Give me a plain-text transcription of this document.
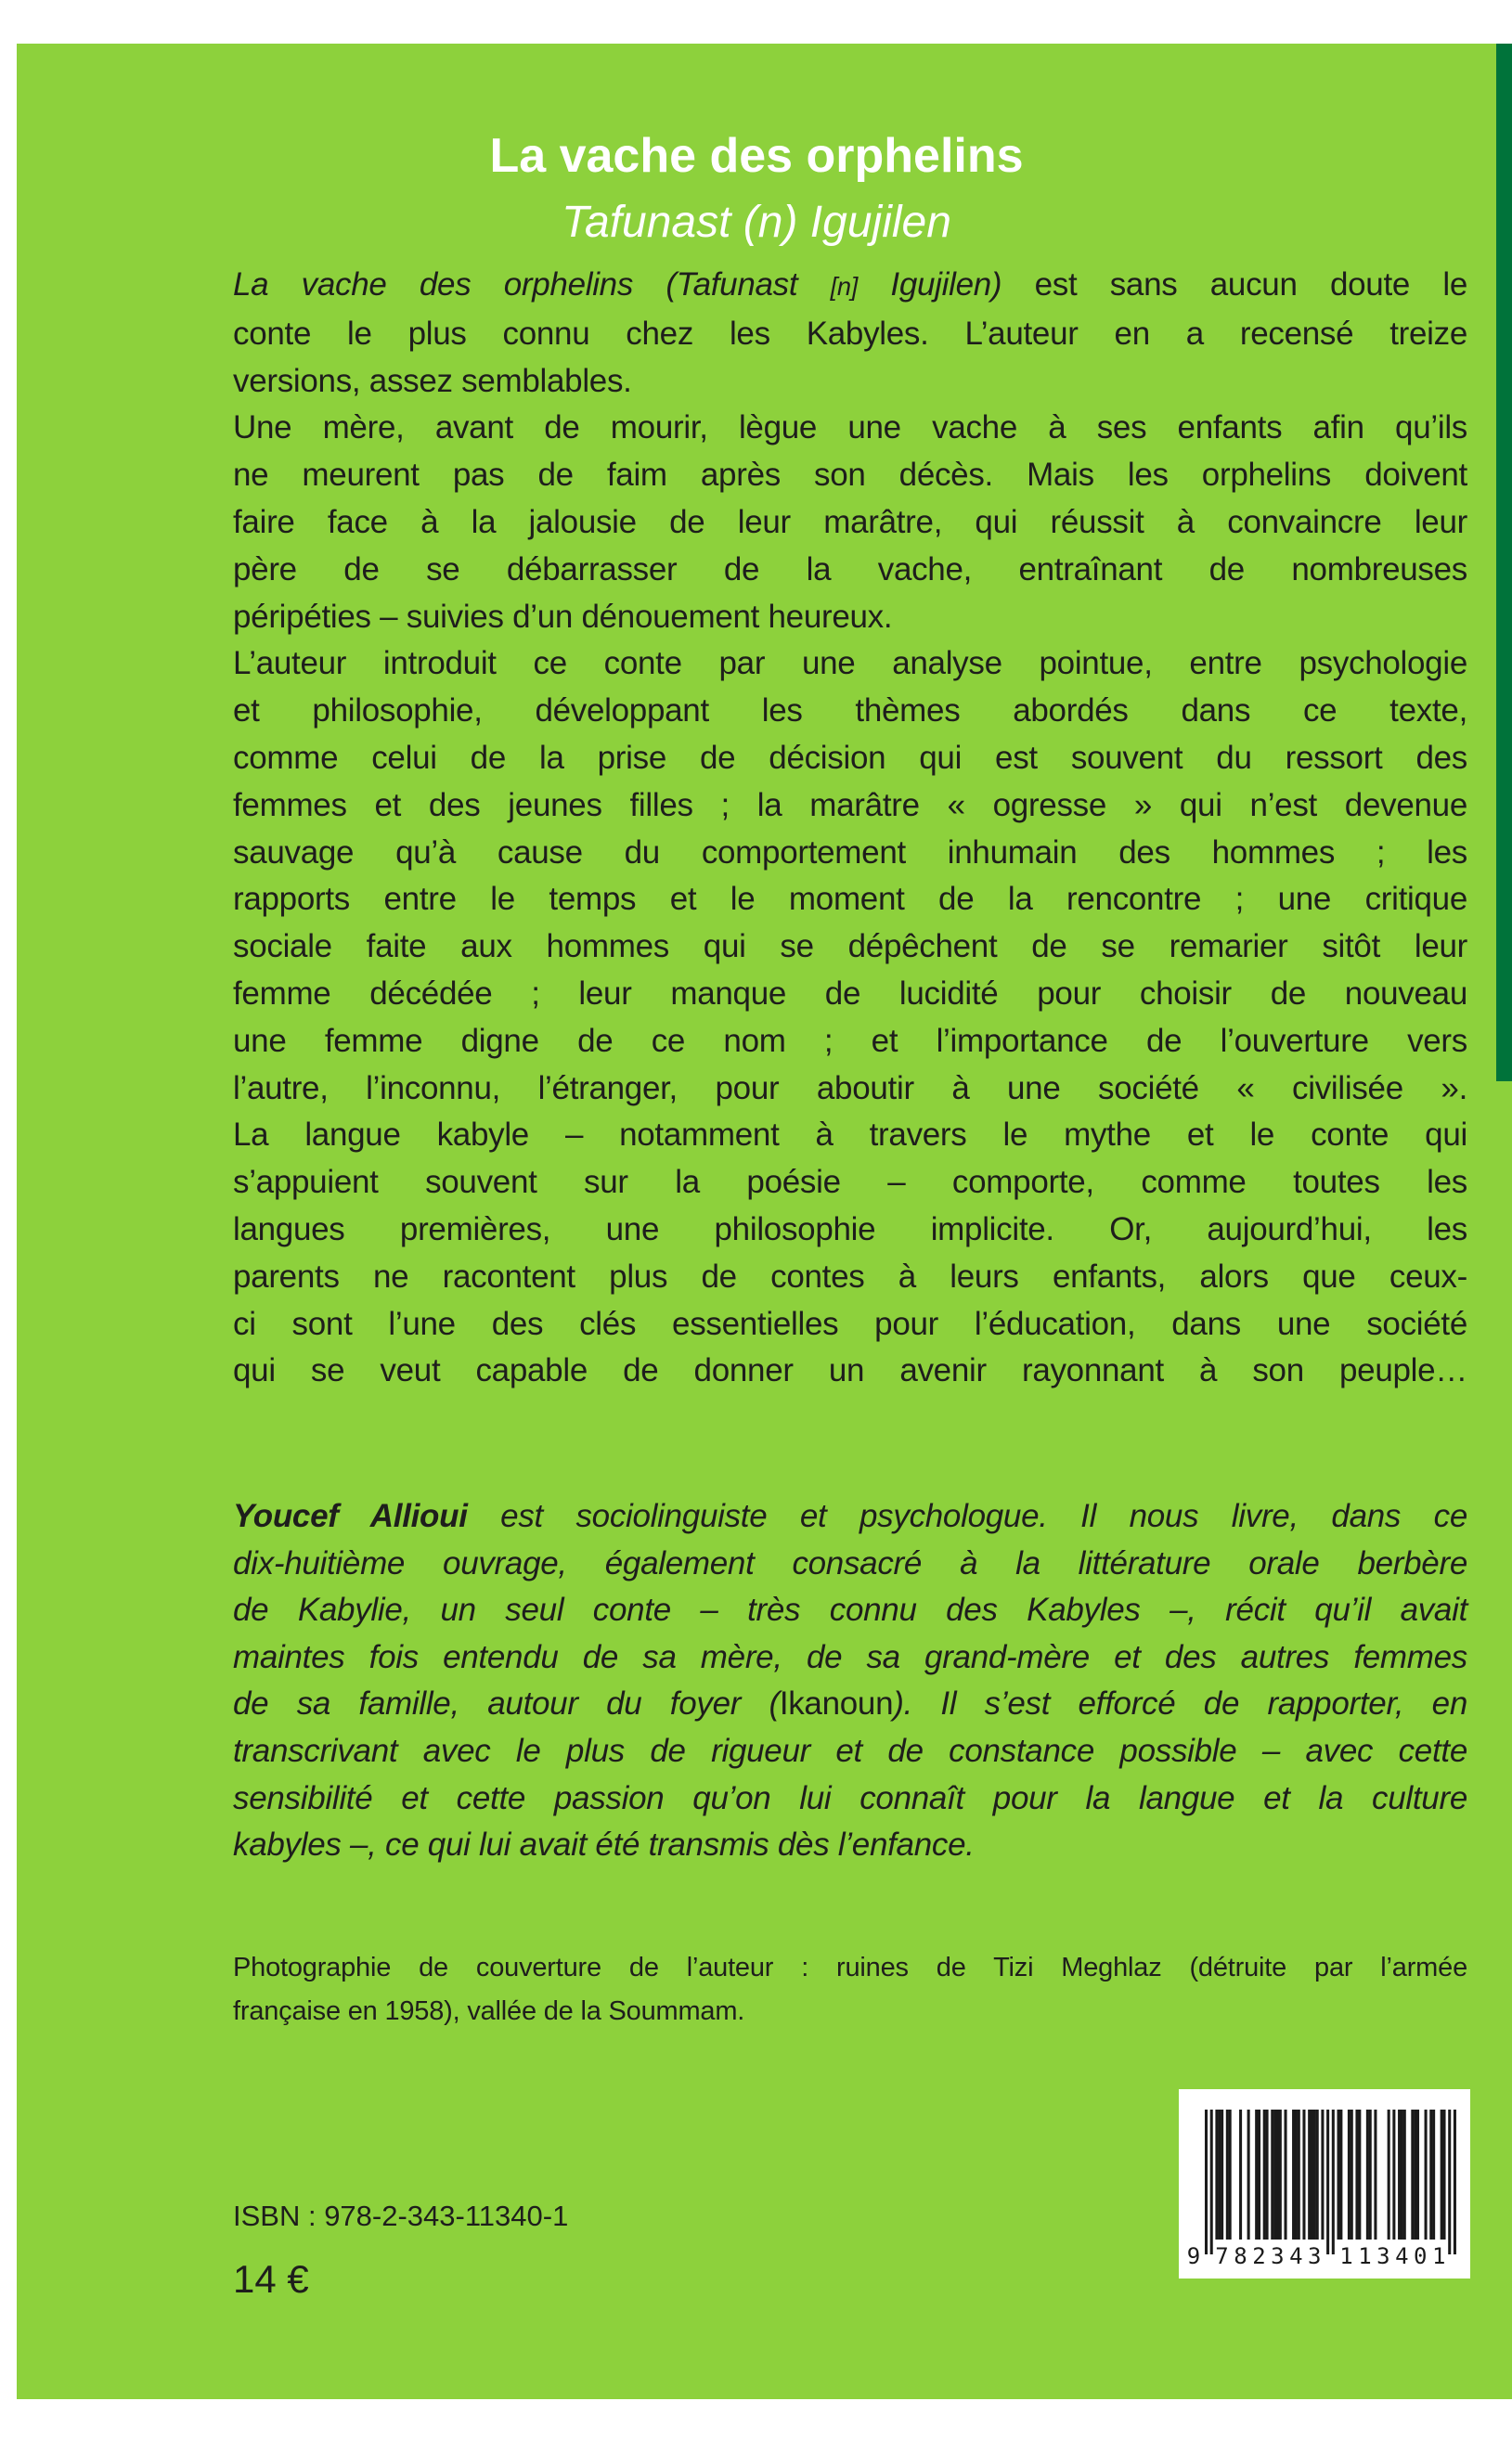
La vache des orphelins
Tafunast (n) Igujilen
La vache des orphelins (Tafunast [n] Igujilen) est sans aucun doute le
conte le plus connu chez les Kabyles. L’auteur en a recensé treize
versions, assez semblables.
Une mère, avant de mourir, lègue une vache à ses enfants afin qu’ils
ne meurent pas de faim après son décès. Mais les orphelins doivent
faire face à la jalousie de leur marâtre, qui réussit à convaincre leur
père de se débarrasser de la vache, entraînant de nombreuses
péripéties – suivies d’un dénouement heureux.
L’auteur introduit ce conte par une analyse pointue, entre psychologie
et philosophie, développant les thèmes abordés dans ce texte,
comme celui de la prise de décision qui est souvent du ressort des
femmes et des jeunes filles ; la marâtre « ogresse » qui n’est devenue
sauvage qu’à cause du comportement inhumain des hommes ; les
rapports entre le temps et le moment de la rencontre ; une critique
sociale faite aux hommes qui se dépêchent de se remarier sitôt leur
femme décédée ; leur manque de lucidité pour choisir de nouveau
une femme digne de ce nom ; et l’importance de l’ouverture vers
l’autre, l’inconnu, l’étranger, pour aboutir à une société « civilisée ».
La langue kabyle – notamment à travers le mythe et le conte qui
s’appuient souvent sur la poésie – comporte, comme toutes les
langues premières, une philosophie implicite. Or, aujourd’hui, les
parents ne racontent plus de contes à leurs enfants, alors que ceux-
ci sont l’une des clés essentielles pour l’éducation, dans une société
qui se veut capable de donner un avenir rayonnant à son peuple…
Youcef Allioui est sociolinguiste et psychologue. Il nous livre, dans ce
dix-huitième ouvrage, également consacré à la littérature orale berbère
de Kabylie, un seul conte – très connu des Kabyles –, récit qu’il avait
maintes fois entendu de sa mère, de sa grand-mère et des autres femmes
de sa famille, autour du foyer (Ikanoun). Il s’est efforcé de rapporter, en
transcrivant avec le plus de rigueur et de constance possible – avec cette
sensibilité et cette passion qu’on lui connaît pour la langue et la culture
kabyles –, ce qui lui avait été transmis dès l’enfance.
Photographie de couverture de l’auteur : ruines de Tizi Meghlaz (détruite par l’armée
française en 1958), vallée de la Soummam.
ISBN : 978-2-343-11340-1
14 €
9 7 8 2 3 4 3 1 1 3 4 0 1
